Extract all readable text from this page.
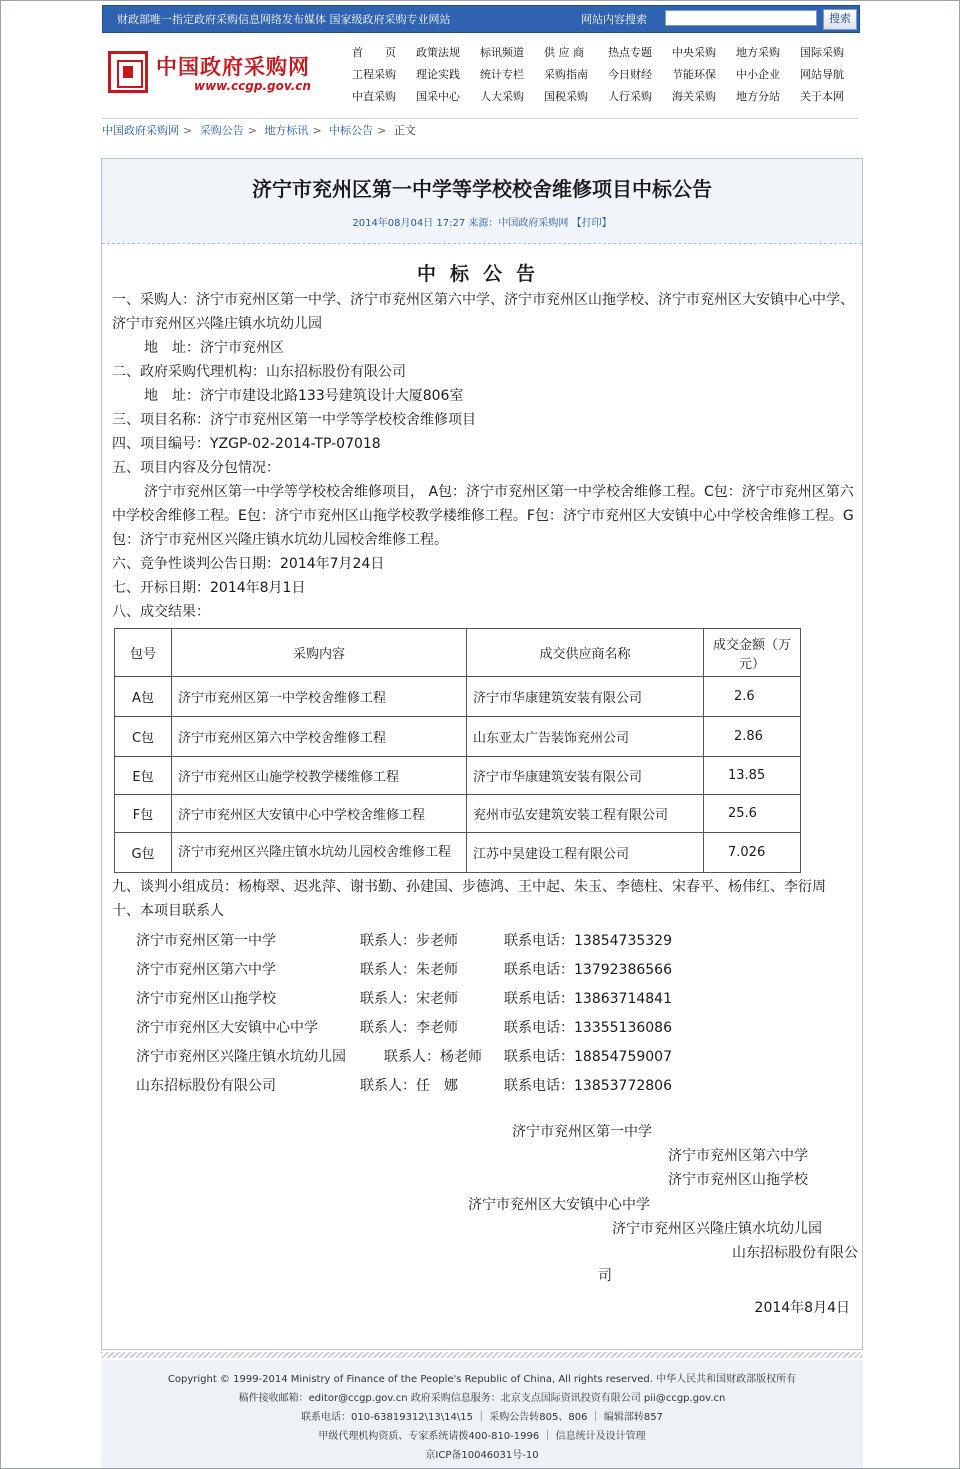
财政部唯一指定政府采购信息网络发布媒体 国家级政府采购专业网站	网站内容搜索	搜索
中国政府采购网
www.ccgp.gov.cn
首　　页 政策法规 标讯频道 供 应 商 热点专题 中央采购 地方采购 国际采购
工程采购 理论实践 统计专栏 采购指南 今日财经 节能环保 中小企业 网站导航
中直采购 国采中心 人大采购 国税采购 人行采购 海关采购 地方分站 关于本网
中国政府采购网 > 采购公告 > 地方标讯 > 中标公告 > 正文
济宁市兖州区第一中学等学校校舍维修项目中标公告
2014年08月04日 17:27 来源：中国政府采购网 【打印】
中标公告

一、采购人：济宁市兖州区第一中学、济宁市兖州区第六中学、济宁市兖州区山拖学校、济宁市兖州区大安镇中心中学、济宁市兖州区兴隆庄镇水坑幼儿园

地　址：济宁市兖州区

二、政府采购代理机构：山东招标股份有限公司

地　址：济宁市建设北路133号建筑设计大厦806室

三、项目名称：济宁市兖州区第一中学等学校校舍维修项目

四、项目编号：YZGP-02-2014-TP-07018

五、项目内容及分包情况：

济宁市兖州区第一中学等学校校舍维修项目， A包：济宁市兖州区第一中学校舍维修工程。C包：济宁市兖州区第六中学校舍维修工程。E包：济宁市兖州区山拖学校教学楼维修工程。F包：济宁市兖州区大安镇中心中学校舍维修工程。G包：济宁市兖州区兴隆庄镇水坑幼儿园校舍维修工程。

六、竞争性谈判公告日期：2014年7月24日

七、开标日期：2014年8月1日

八、成交结果：

包号	采购内容	成交供应商名称	成交金额（万元）
A包	济宁市兖州区第一中学校舍维修工程	济宁市华康建筑安装有限公司	2.6
C包	济宁市兖州区第六中学校舍维修工程	山东亚太广告装饰兖州公司	2.86
E包	济宁市兖州区山施学校教学楼维修工程	济宁市华康建筑安装有限公司	13.85
F包	济宁市兖州区大安镇中心中学校舍维修工程	兖州市弘安建筑安装工程有限公司	25.6
G包	济宁市兖州区兴隆庄镇水坑幼儿园校舍维修工程	江苏中昊建设工程有限公司	7.026

九、谈判小组成员：杨梅翠、迟兆萍、谢书勤、孙建国、步德鸿、王中起、朱玉、李德柱、宋春平、杨伟红、李衍周

十、本项目联系人

济宁市兖州区第一中学	联系人：步老师	联系电话：13854735329
济宁市兖州区第六中学	联系人：朱老师	联系电话：13792386566
济宁市兖州区山拖学校	联系人：宋老师	联系电话：13863714841
济宁市兖州区大安镇中心中学	联系人：李老师	联系电话：13355136086
济宁市兖州区兴隆庄镇水坑幼儿园	联系人：杨老师 联系电话：18854759007
山东招标股份有限公司	联系人：任　娜	联系电话：13853772806
济宁市兖州区第一中学
济宁市兖州区第六中学
济宁市兖州区山拖学校
济宁市兖州区大安镇中心中学
济宁市兖州区兴隆庄镇水坑幼儿园
山东招标股份有限公
司
2014年8月4日
Copyright © 1999-2014 Ministry of Finance of the People's Republic of China, All rights reserved. 中华人民共和国财政部版权所有
稿件接收邮箱：editor@ccgp.gov.cn 政府采购信息服务：北京支点国际资讯投资有限公司 pii@ccgp.gov.cn
联系电话：010-63819312\13\14\15 ｜ 采购公告转805、806 ｜ 编辑部转857
甲级代理机构资质、专家系统请拨400-810-1996 ｜ 信息统计及设计管理
京ICP备10046031号-10
